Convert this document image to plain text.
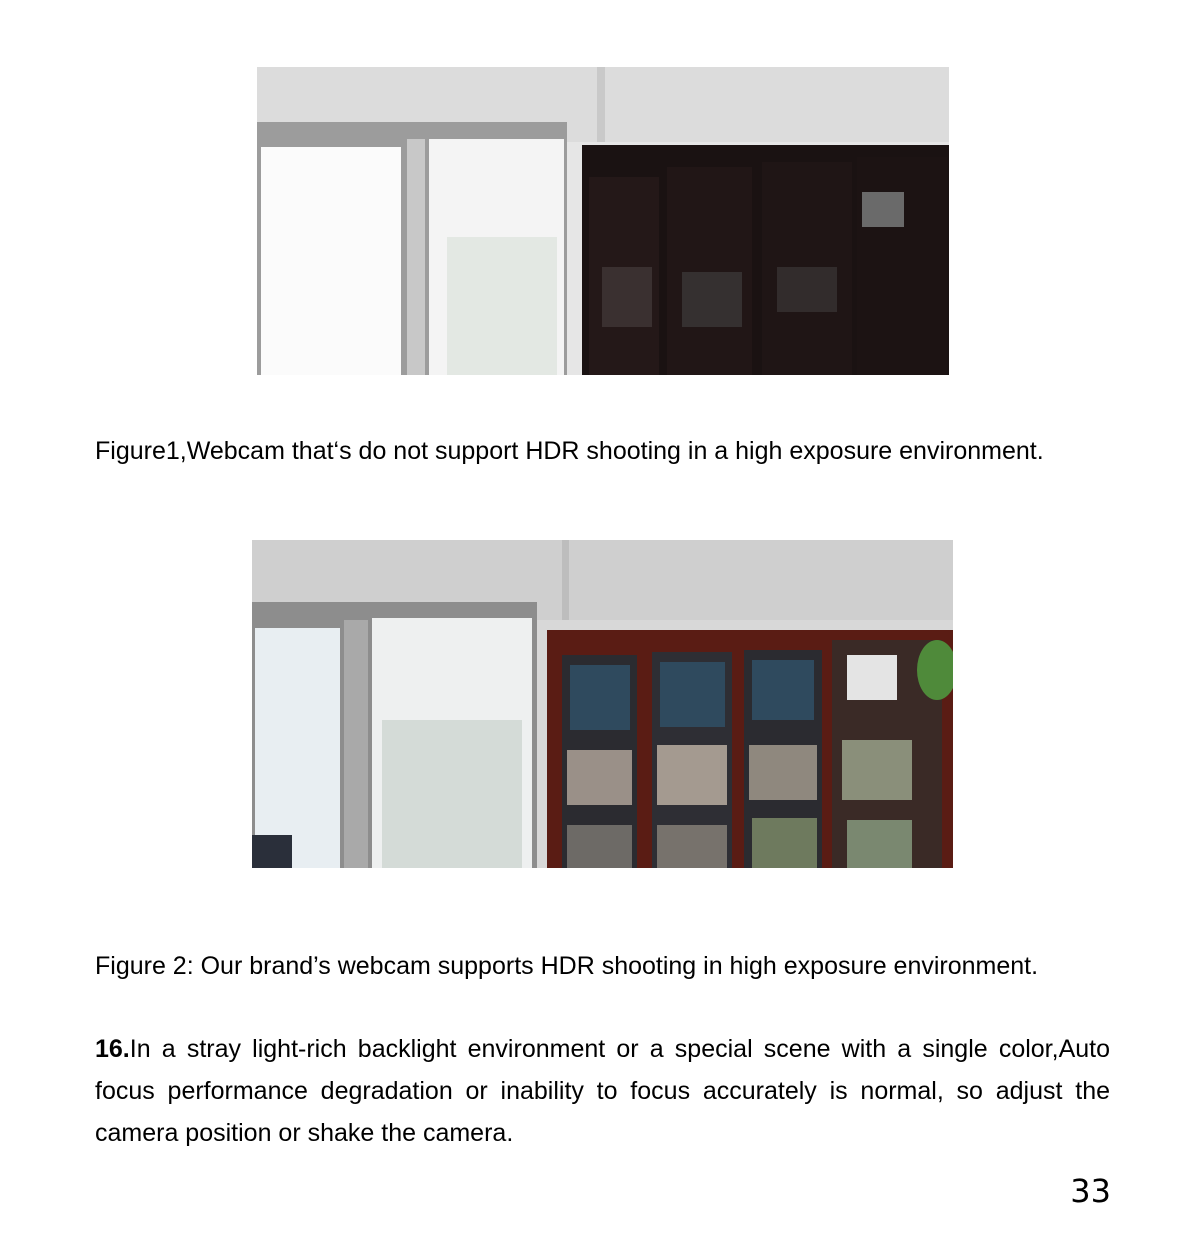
Figure1,Webcam that‘s do not support HDR shooting in a high exposure environment.

Figure 2: Our brand’s webcam supports HDR shooting in high exposure environment.

16.In a stray light-rich backlight environment or a special scene with a single color,Auto focus performance degradation or inability to focus accurately is normal, so adjust the camera position or shake the camera.

33
